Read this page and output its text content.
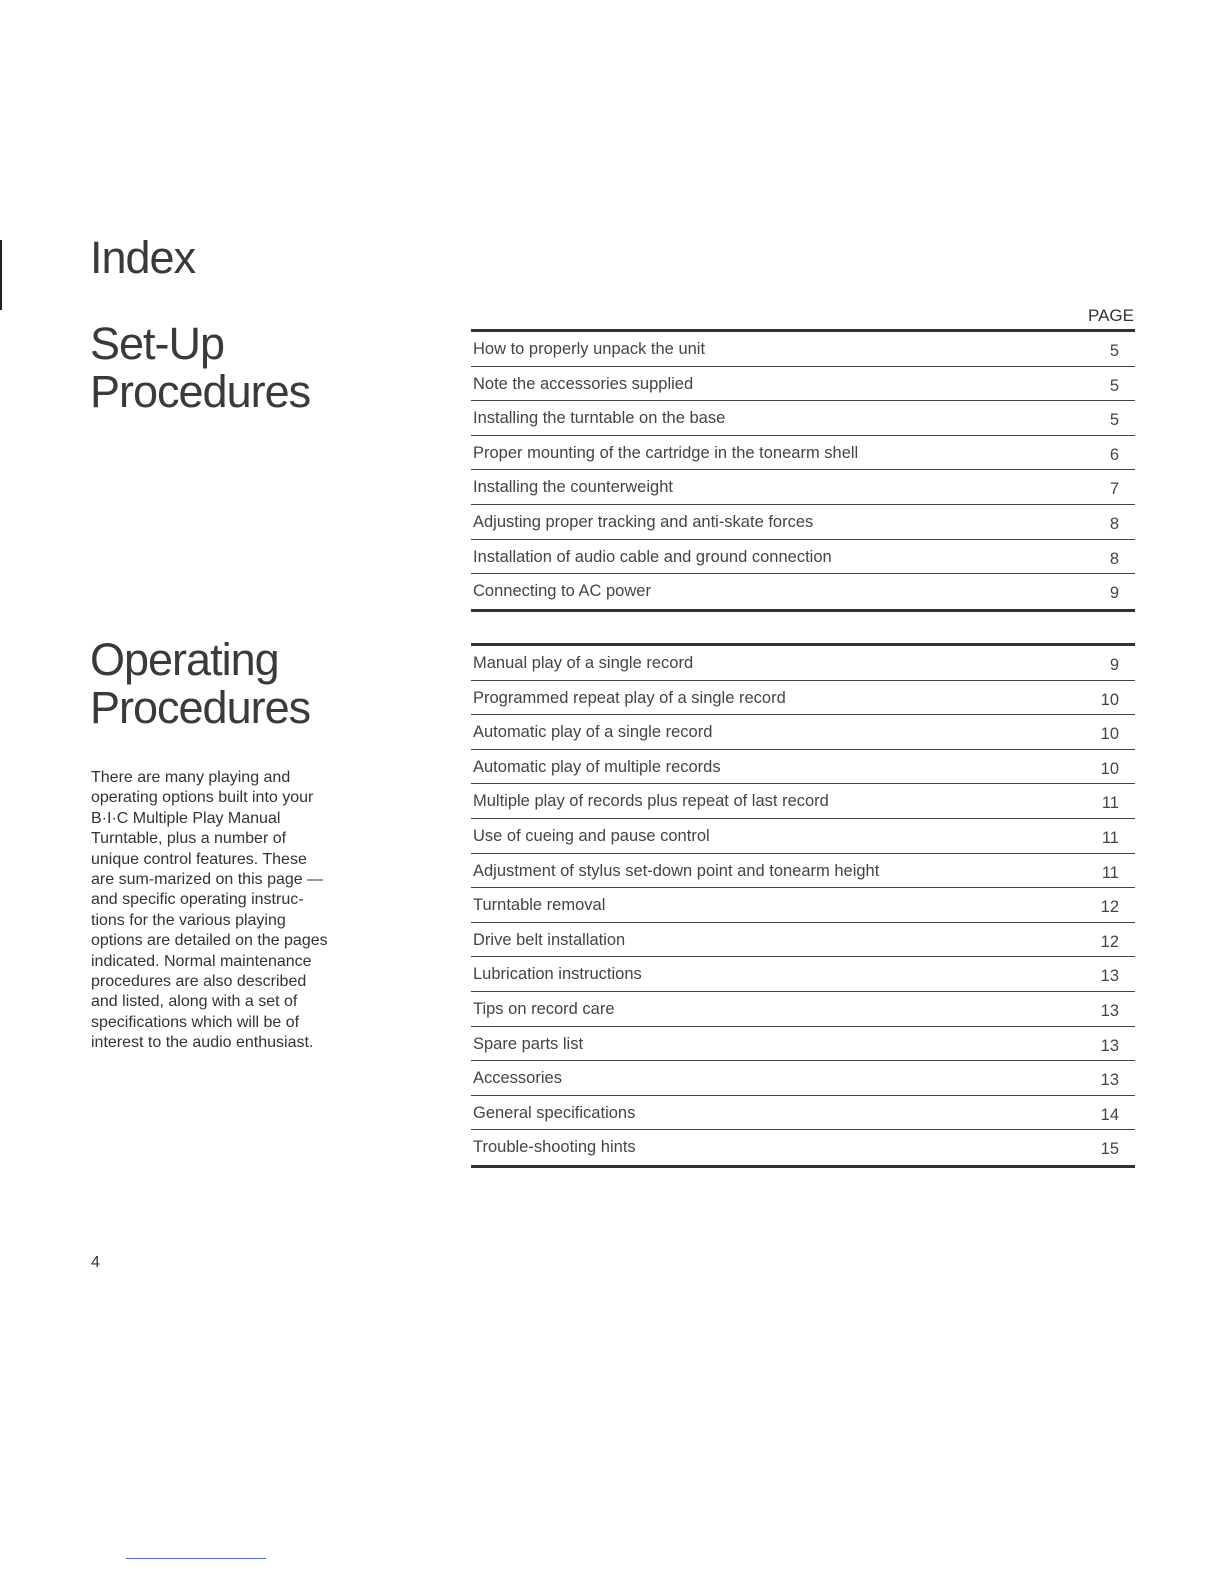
Index
Set-Up
Procedures
Operating
Procedures

There are many playing and operating options built into your B·I·C Multiple Play Manual Turntable, plus a number of unique control features. These are sum-marized on this page — and specific operating instruc-tions for the various playing options are detailed on the pages indicated. Normal maintenance procedures are also described and listed, along with a set of specifications which will be of interest to the audio enthusiast.

PAGE
How to properly unpack the unit	5
Note the accessories supplied	5
Installing the turntable on the base	5
Proper mounting of the cartridge in the tonearm shell	6
Installing the counterweight	7
Adjusting proper tracking and anti-skate forces	8
Installation of audio cable and ground connection	8
Connecting to AC power	9
Manual play of a single record	9
Programmed repeat play of a single record	10
Automatic play of a single record	10
Automatic play of multiple records	10
Multiple play of records plus repeat of last record	11
Use of cueing and pause control	11
Adjustment of stylus set-down point and tonearm height	11
Turntable removal	12
Drive belt installation	12
Lubrication instructions	13
Tips on record care	13
Spare parts list	13
Accessories	13
General specifications	14
Trouble-shooting hints	15
4
